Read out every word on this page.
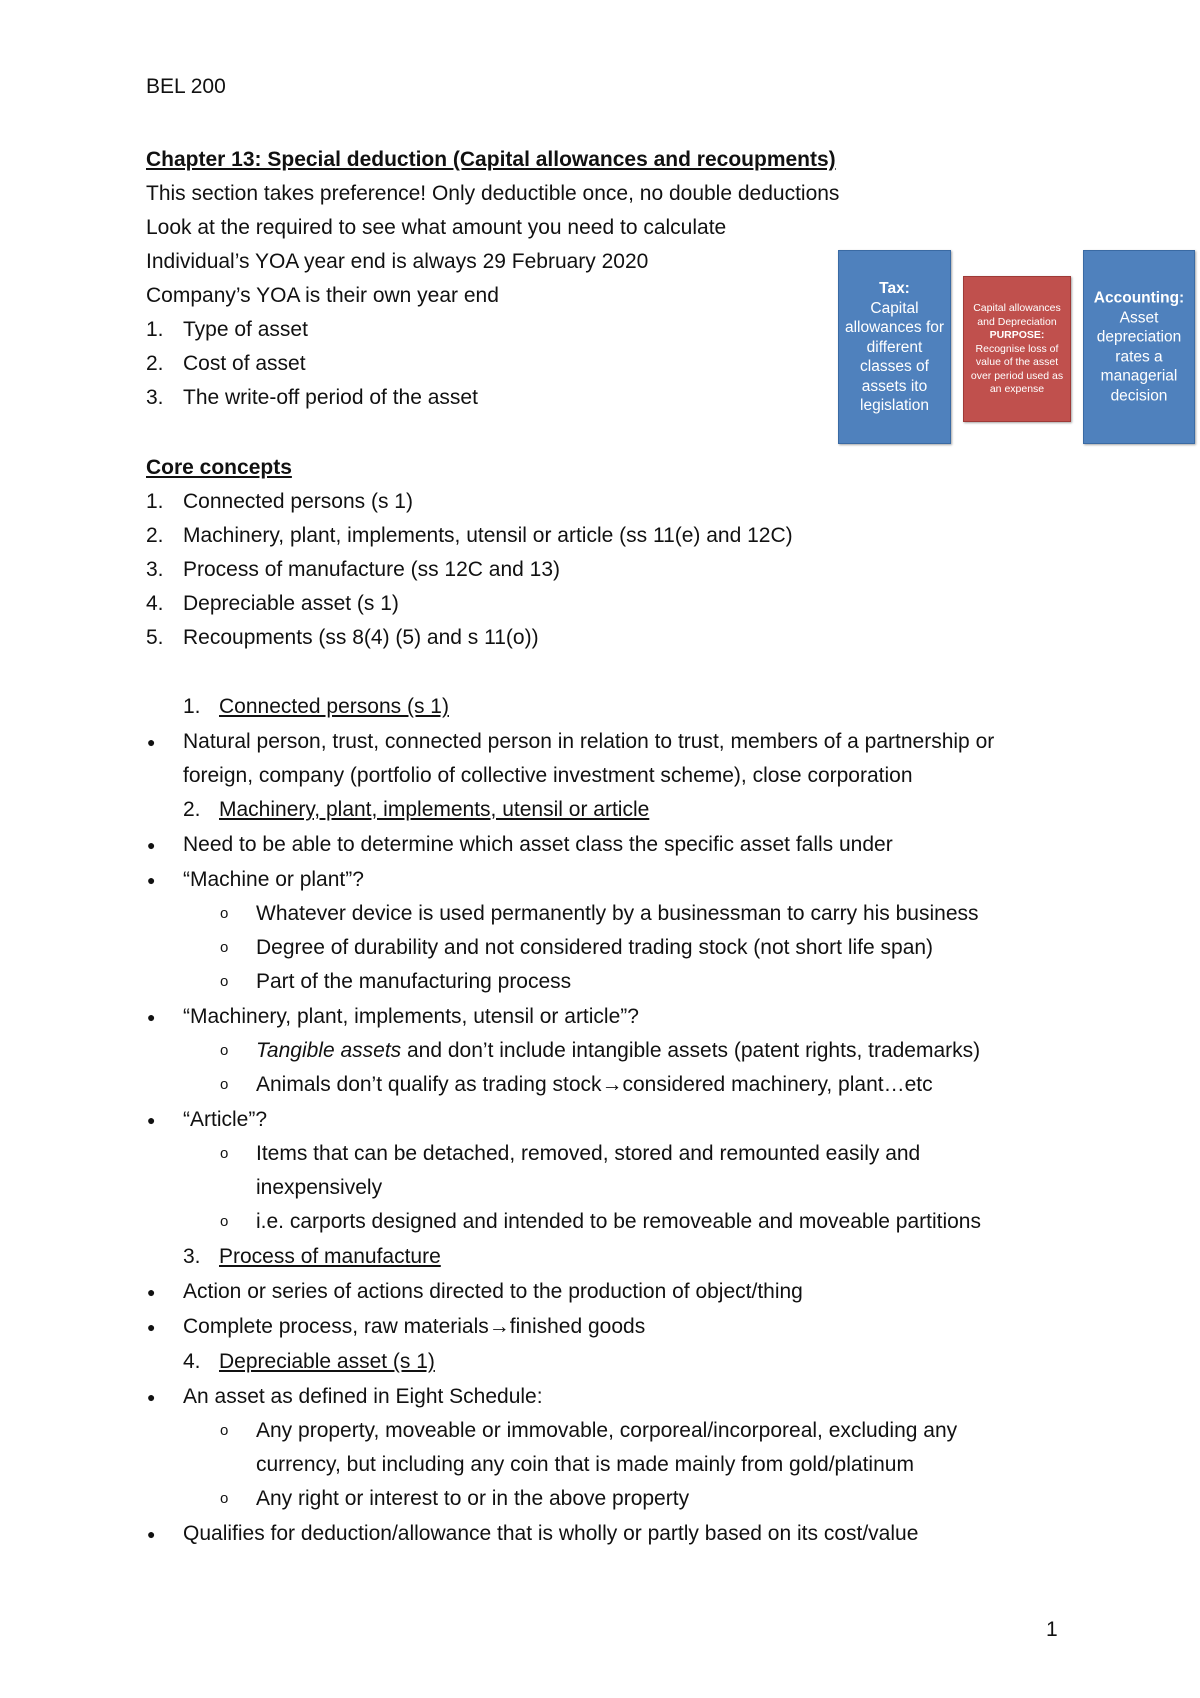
BEL 200
Chapter 13: Special deduction (Capital allowances and recoupments)
This section takes preference! Only deductible once, no double deductions
Look at the required to see what amount you need to calculate
Individual’s YOA year end is always 29 February 2020
Company’s YOA is their own year end
1. Type of asset
2. Cost of asset
3. The write-off period of the asset
Tax:
Capital allowances for different classes of assets ito legislation
Capital allowances and Depreciation
PURPOSE:
Recognise loss of value of the asset over period used as an expense
Accounting:
Asset depreciation rates a managerial decision
Core concepts
1. Connected persons (s 1)
2. Machinery, plant, implements, utensil or article (ss 11(e) and 12C)
3. Process of manufacture (ss 12C and 13)
4. Depreciable asset (s 1)
5. Recoupments (ss 8(4) (5) and s 11(o))
1. Connected persons (s 1)
● Natural person, trust, connected person in relation to trust, members of a partnership or
foreign, company (portfolio of collective investment scheme), close corporation
2. Machinery, plant, implements, utensil or article
● Need to be able to determine which asset class the specific asset falls under
● “Machine or plant”?
o Whatever device is used permanently by a businessman to carry his business
o Degree of durability and not considered trading stock (not short life span)
o Part of the manufacturing process
● “Machinery, plant, implements, utensil or article”?
o Tangible assets and don’t include intangible assets (patent rights, trademarks)
o Animals don’t qualify as trading stock→considered machinery, plant…etc
● “Article”?
o Items that can be detached, removed, stored and remounted easily and
inexpensively
o i.e. carports designed and intended to be removeable and moveable partitions
3. Process of manufacture
● Action or series of actions directed to the production of object/thing
● Complete process, raw materials→finished goods
4. Depreciable asset (s 1)
● An asset as defined in Eight Schedule:
o Any property, moveable or immovable, corporeal/incorporeal, excluding any
currency, but including any coin that is made mainly from gold/platinum
o Any right or interest to or in the above property
● Qualifies for deduction/allowance that is wholly or partly based on its cost/value
1
